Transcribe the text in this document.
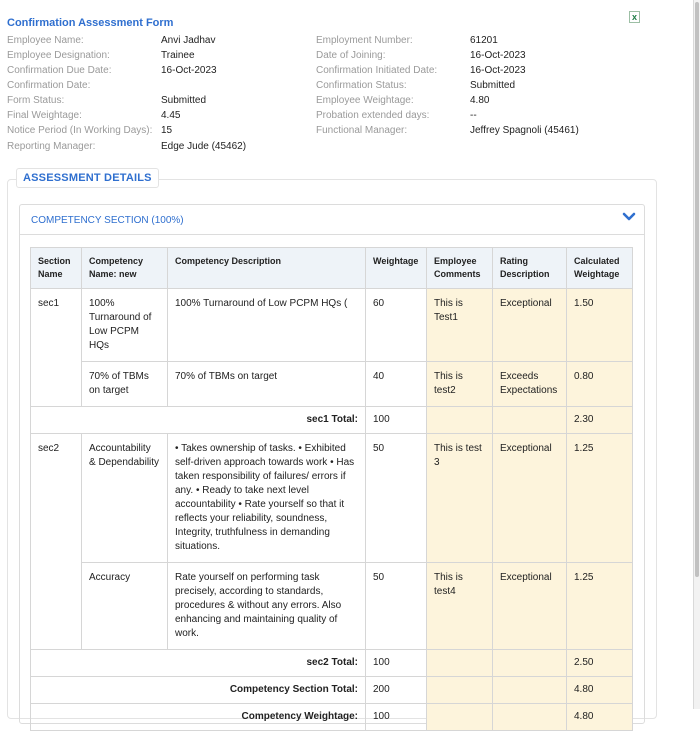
Confirmation Assessment Form	x
Employee Name:	Anvi Jadhav
Employee Designation:	Trainee
Confirmation Due Date:	16-Oct-2023
Confirmation Date:
Form Status:	Submitted
Final Weightage:	4.45
Notice Period (In Working Days): 15
Reporting Manager:	Edge Jude (45462)
Employment Number:	61201
Date of Joining:	16-Oct-2023
Confirmation Initiated Date:	16-Oct-2023
Confirmation Status:	Submitted
Employee Weightage:	4.80
Probation extended days:	--
Functional Manager:	Jeffrey Spagnoli (45461)
ASSESSMENT DETAILS
COMPETENCY SECTION (100%)
Section Name	Competency Name: new	Competency Description	Weightage	Employee Comments	Rating Description	Calculated Weightage
sec1	100% Turnaround of Low PCPM HQs	100% Turnaround of Low PCPM HQs (	60	This is Test1	Exceptional	1.50
	70% of TBMs on target	70% of TBMs on target	40	This is test2	Exceeds Expectations	0.80
sec1 Total:			100			2.30
sec2	Accountability & Dependability	• Takes ownership of tasks. • Exhibited self-driven approach towards work • Has taken responsibility of failures/ errors if any. • Ready to take next level accountability • Rate yourself so that it reflects your reliability, soundness, Integrity, truthfulness in demanding situations.	50	This is test 3	Exceptional	1.25
	Accuracy	Rate yourself on performing task precisely, according to standards, procedures & without any errors. Also enhancing and maintaining quality of work.	50	This is test4	Exceptional	1.25
sec2 Total:			100			2.50
Competency Section Total:			200			4.80
Competency Weightage:			100			4.80
